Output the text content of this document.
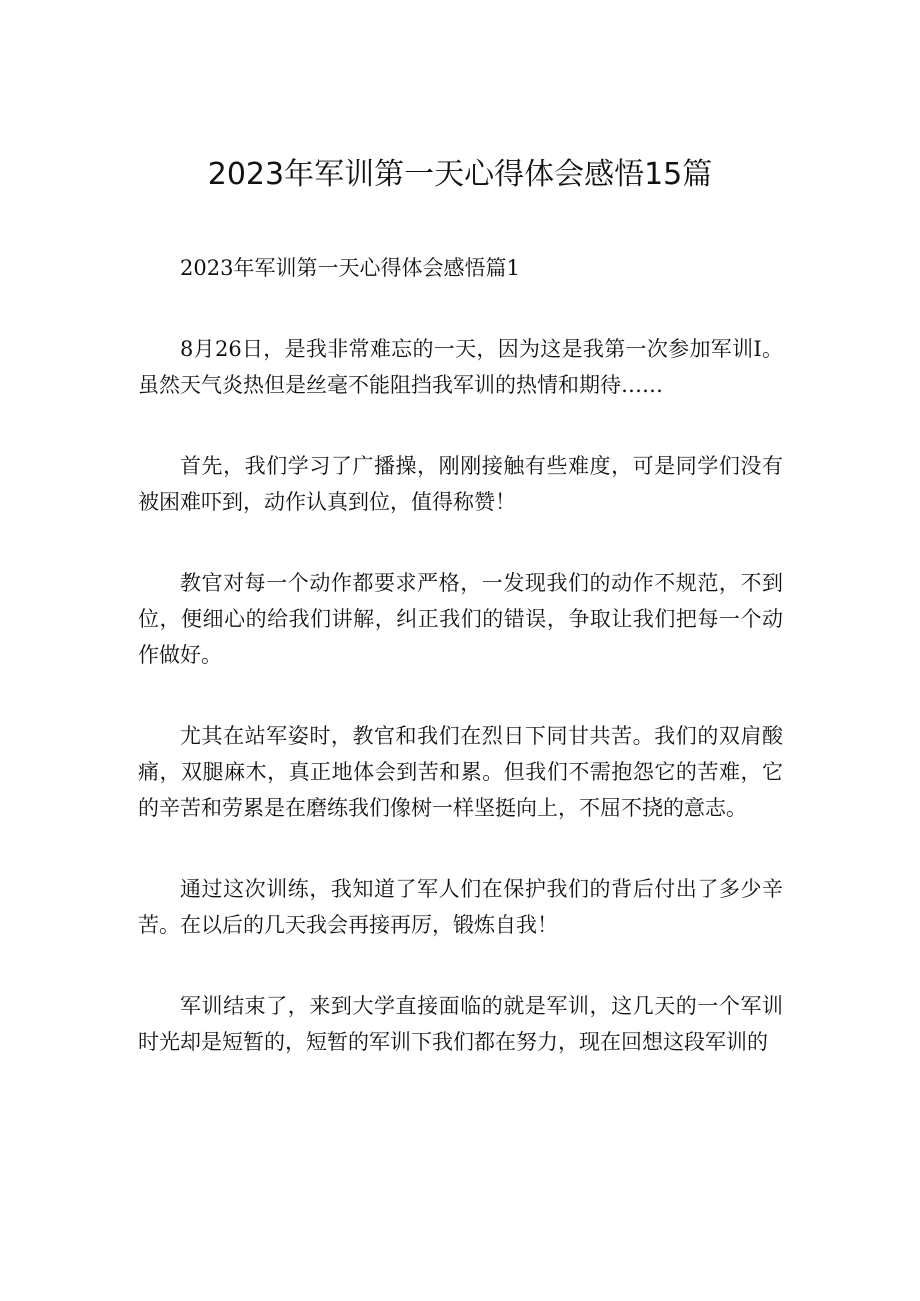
2023年军训第一天心得体会感悟15篇

2023年军训第一天心得体会感悟篇1

8月26日，是我非常难忘的一天，因为这是我第一次参加军训I。虽然天气炎热但是丝毫不能阻挡我军训的热情和期待……

首先，我们学习了广播操，刚刚接触有些难度，可是同学们没有被困难吓到，动作认真到位，值得称赞！

教官对每一个动作都要求严格，一发现我们的动作不规范，不到位，便细心的给我们讲解，纠正我们的错误，争取让我们把每一个动作做好。

尤其在站军姿时，教官和我们在烈日下同甘共苦。我们的双肩酸痛，双腿麻木，真正地体会到苦和累。但我们不需抱怨它的苦难，它的辛苦和劳累是在磨练我们像树一样坚挺向上，不屈不挠的意志。

通过这次训练，我知道了军人们在保护我们的背后付出了多少辛苦。在以后的几天我会再接再厉，锻炼自我！

军训结束了，来到大学直接面临的就是军训，这几天的一个军训时光却是短暂的，短暂的军训下我们都在努力，现在回想这段军训的
